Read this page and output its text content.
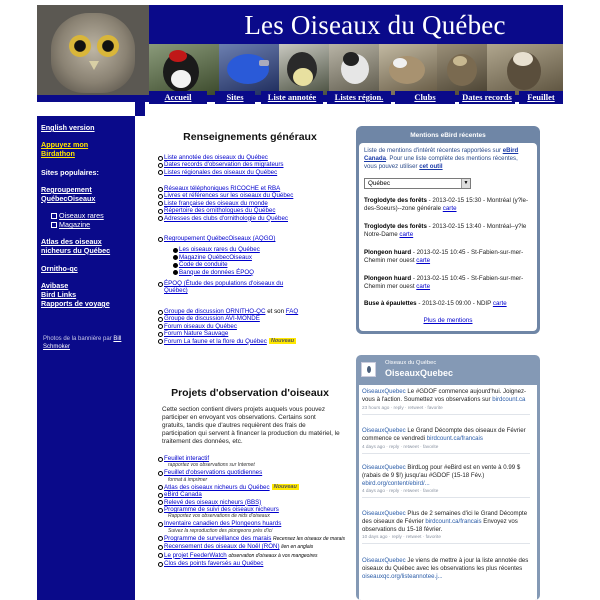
Les Oiseaux du Québec
Accueil	Sites	Liste annotée	Listes région.	Clubs	Dates records	Feuillet
English version
Appuyez mon Birdathon
Sites populaires:
Regroupement QuébecOiseaux
Oiseaux rares
Magazine
Atlas des oiseaux nicheurs du Québec
Ornitho-qc
Avibase
Bird Links
Rapports de voyage
Photos de la bannière par Bill Schmoker
Renseignements généraux
Liste annotée des oiseaux du Québec
Dates records d'observation des migrateurs
Listes régionales des oiseaux du Québec
Réseaux téléphoniques RICOCHE et RBA
Livres et références sur les oiseaux du Québec
Liste française des oiseaux du monde
Répertoire des ornithologues du Québec
Adresses des clubs d'ornithologie du Québec
Regroupement QuébecOiseaux (AQGO)
Les oiseaux rares du Québec
Magazine QuébecOiseaux
Code de conduite
Banque de données ÉPOQ
ÉPOQ (Étude des populations d'oiseaux du
Québec)
Groupe de discussion ORNITHO-QC et son FAQ
Groupe de discussion AVI-MONDE
Forum oiseaux du Québec
Forum Nature Sauvage
Forum La faune et la flore du Québec Nouveau
Projets d'observation d'oiseaux
Cette section contient divers projets auquels vous pouvez participer en envoyant vos observations. Certains sont gratuits, tandis que d'autres requièrent des frais de participation qui servent à financer la production du matériel, le traitement des données, etc.
Feuillet interactif
rapportez vos observations sur Internet
Feuillet d'observations quotidiennes
format à imprimer
Atlas des oiseaux nicheurs du Québec Nouveau
eBird Canada
Relevé des oiseaux nicheurs (BBS)
Programme de suivi des oiseaux nicheurs
Rapportez vos observations de nids d'oiseaux
Inventaire canadien des Plongeons huards
Suivez la reproduction des plongeons près d'ici
Programme de surveillance des marais Recensez les oiseaux de marais
Recensement des oiseaux de Noël (RON) lien en anglais
Le projet FeederWatch observation d'oiseaux à vos mangeoires
Clos des points faversés au Québec
Mentions eBird récentes
Liste de mentions d'intérêt récentes rapportées sur eBird Canada. Pour une liste complète des mentions récentes, vous pouvez utiliser cet outil
Québec	▼
Troglodyte des forêts - 2013-02-15 15:30 - Montréal (y?le-des-Soeurs)--zone générale carte
Troglodyte des forêts - 2013-02-15 13:40 - Montréal--y?le Notre-Dame carte
Plongeon huard - 2013-02-15 10:45 - St-Fabien-sur-mer- Chemin mer ouest carte
Plongeon huard - 2013-02-15 10:45 - St-Fabien-sur-mer- Chemin mer ouest carte
Buse à épaulettes - 2013-02-15 09:00 - NDIP carte
Plus de mentions
Oiseaux du Québec
OiseauxQuebec
OiseauxQuebec Le #GDOF commence aujourd'hui. Joignez-vous à l'action. Soumettez vos observations sur birdcount.ca
23 hours ago · reply · retweet · favorite
OiseauxQuebec Le Grand Décompte des oiseaux de Février commence ce vendredi birdcount.ca/francais
4 days ago · reply · retweet · favorite
OiseauxQuebec BirdLog pour #eBird est en vente à 0.99 $ (rabais de 9 $!) jusqu'au #GDOF (15-18 Fév.) ebird.org/content/ebird/...
4 days ago · reply · retweet · favorite
OiseauxQuebec Plus de 2 semaines d'ici le Grand Décompte des oiseaux de Février birdcount.ca/francais Envoyez vos observations du 15-18 février.
10 days ago · reply · retweet · favorite
OiseauxQuebec Je viens de mettre à jour la liste annotée des oiseaux du Québec avec les observations les plus récentes oiseauxqc.org/listeannotee.j...
